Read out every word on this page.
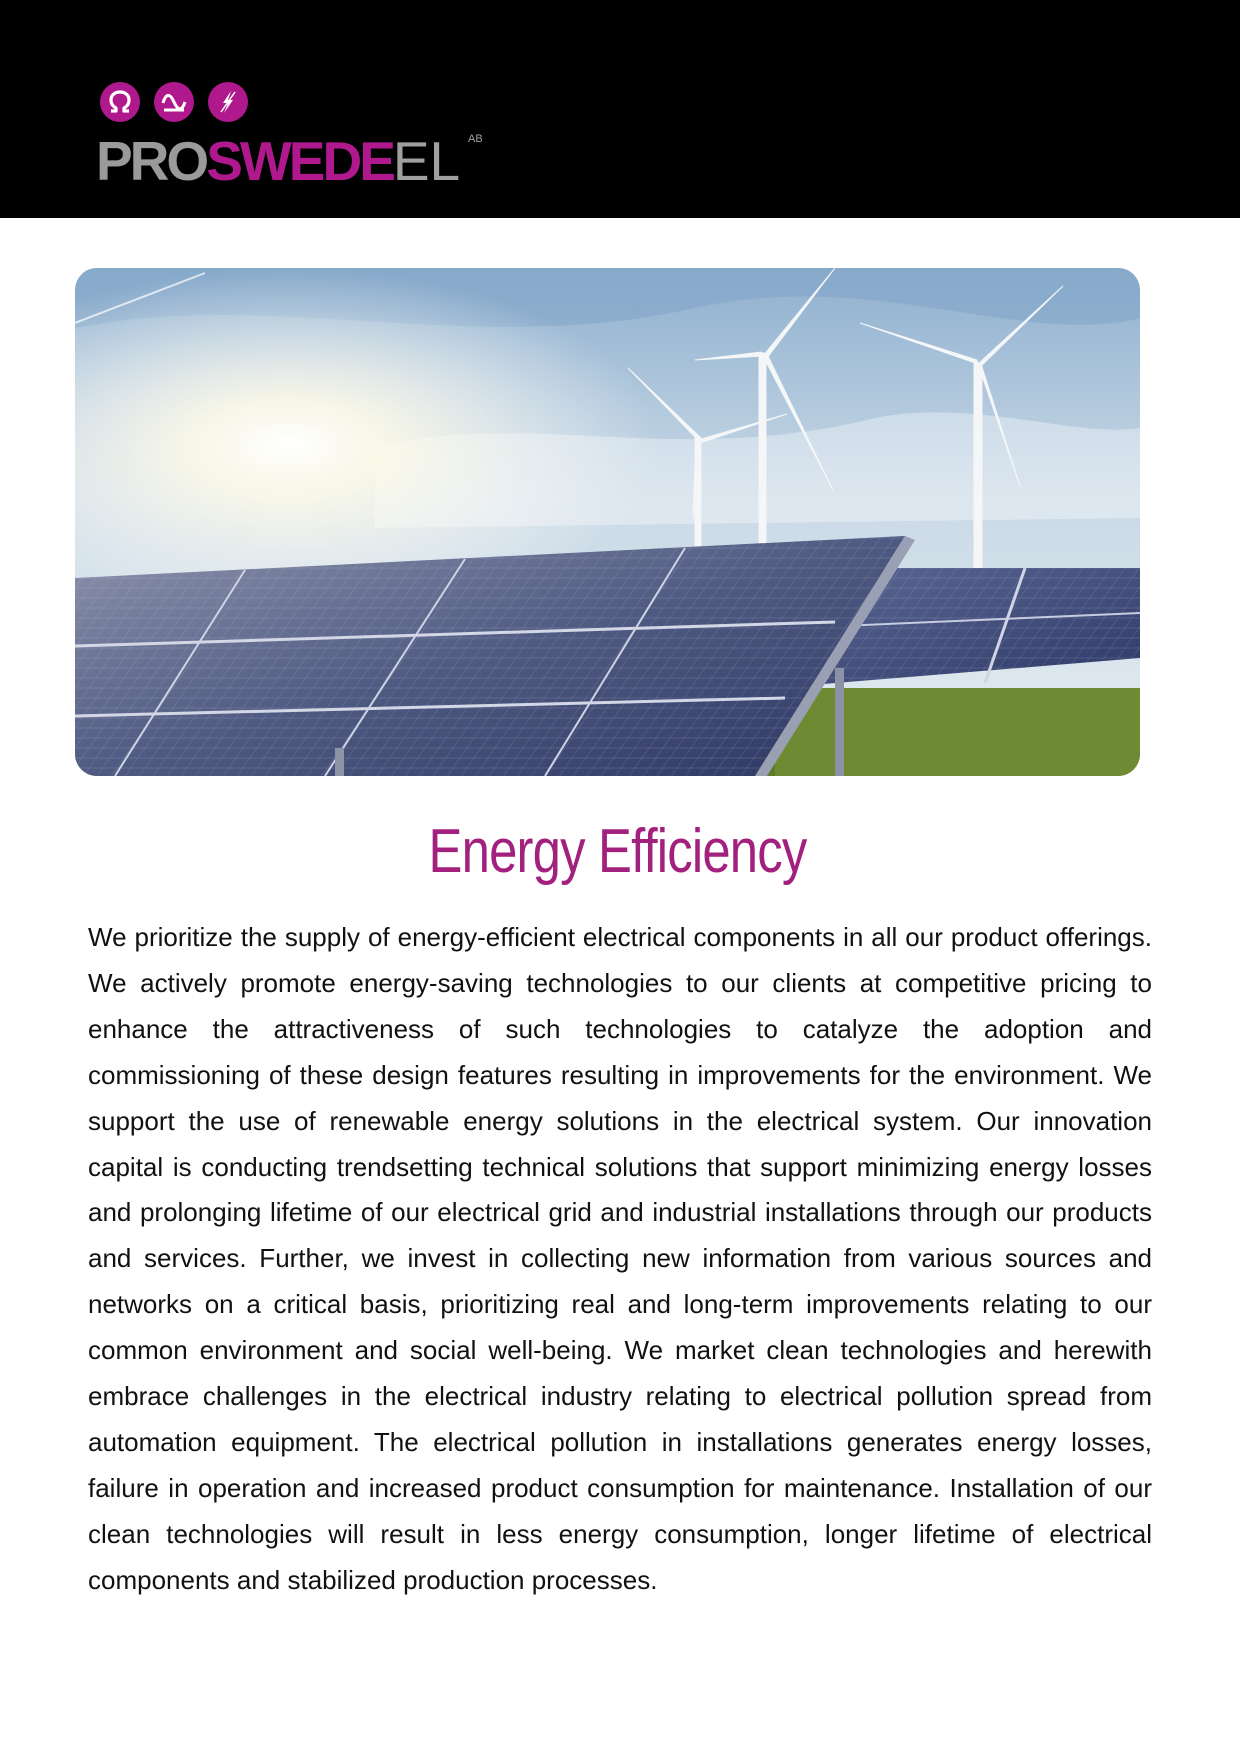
PROSWEDEEL AB
Energy Efficiency

We prioritize the supply of energy-efficient electrical components in all our product offerings. We actively promote energy-saving technologies to our clients at competitive pricing to enhance the attractiveness of such technologies to catalyze the adoption and commissioning of these design features resulting in improvements for the environment. We support the use of renewable energy solutions in the electrical system. Our innovation capital is conducting trendsetting technical solutions that support minimizing energy losses and prolonging lifetime of our electrical grid and industrial installations through our products and services. Further, we invest in collecting new information from various sources and networks on a critical basis, prioritizing real and long-term improvements relating to our common environment and social well-being. We market clean technologies and herewith embrace challenges in the electrical industry relating to electrical pollution spread from automation equipment. The electrical pollution in installations generates energy losses, failure in operation and increased product consumption for maintenance. Installation of our clean technologies will result in less energy consumption, longer lifetime of electrical components and stabilized production processes.
